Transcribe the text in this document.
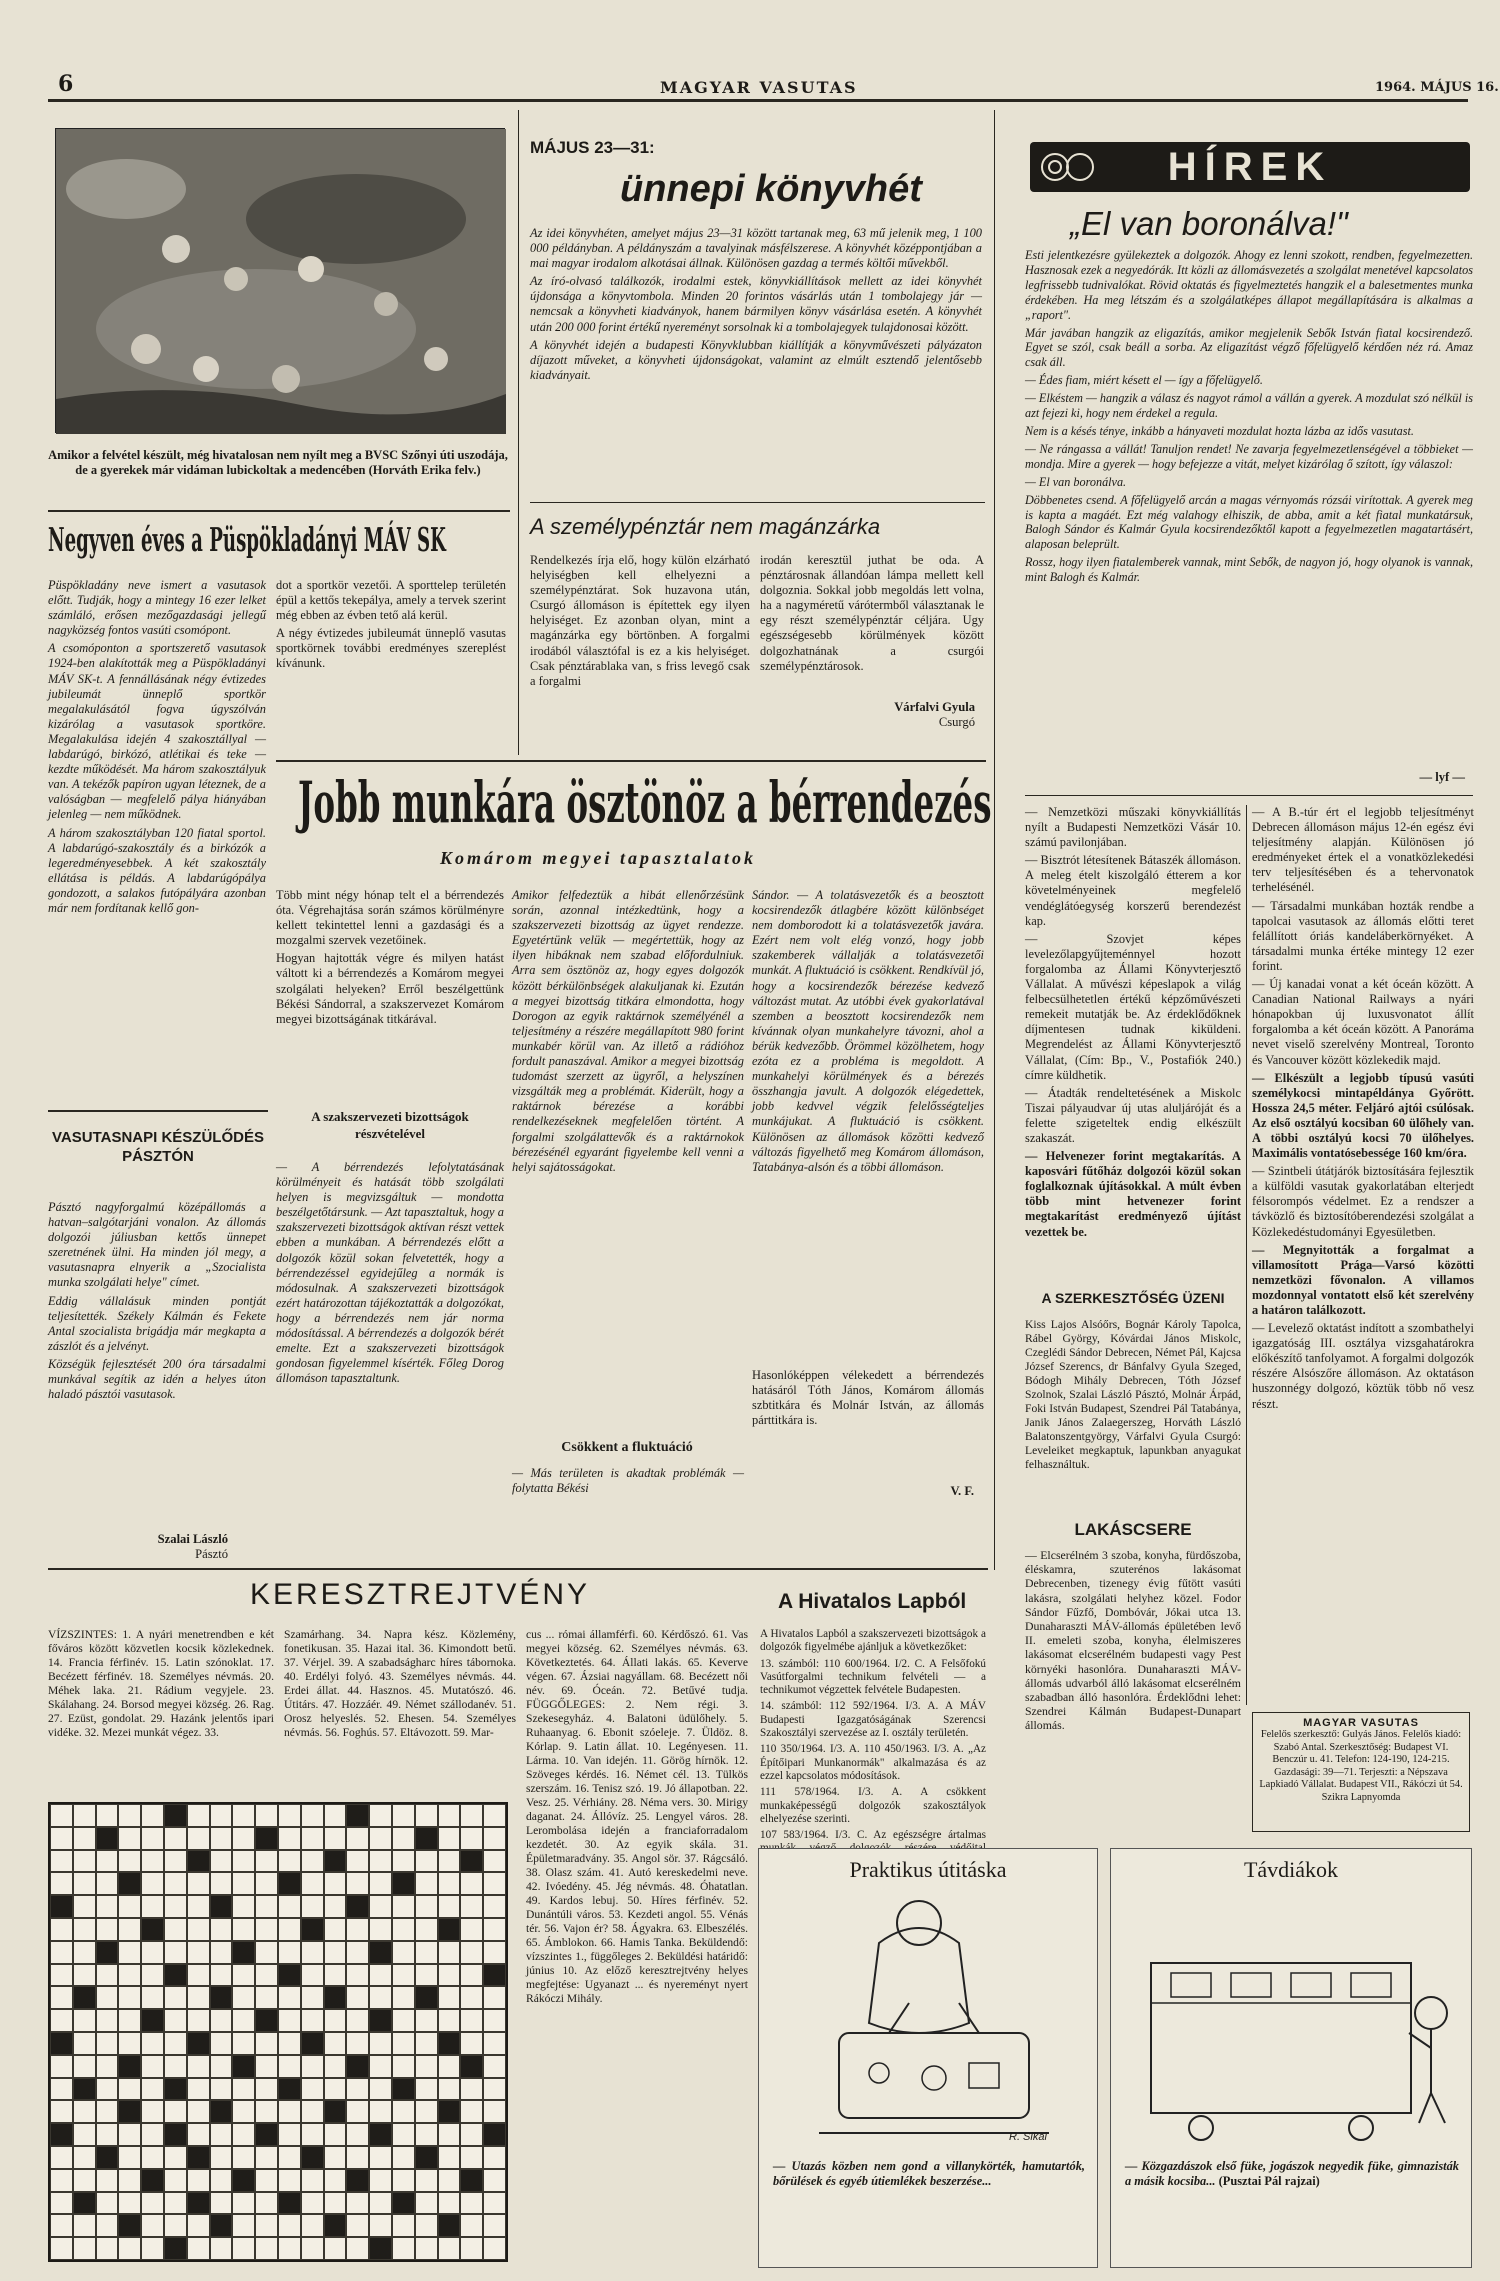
6	MAGYAR VASUTAS	1964. MÁJUS 16.
Amikor a felvétel készült, még hivatalosan nem nyílt meg a BVSC Szőnyi úti uszodája, de a gyerekek már vidáman lubickoltak a medencében (Horváth Erika felv.)
Negyven éves a Püspökladányi MÁV SK

Püspökladány neve ismert a vasutasok előtt. Tudják, hogy a mintegy 16 ezer lelket számláló, erősen mezőgazdasági jellegű nagyközség fontos vasúti csomópont.

A csomóponton a sportszerető vasutasok 1924-ben alakították meg a Püspökladányi MÁV SK-t. A fennállásának négy évtizedes jubileumát ünneplő sportkör megalakulásától fogva úgyszólván kizárólag a vasutasok sportköre. Megalakulása idején 4 szakosztállyal — labdarúgó, birkózó, atlétikai és teke — kezdte működését. Ma három szakosztályuk van. A tekézők papíron ugyan léteznek, de a valóságban — megfelelő pálya hiányában jelenleg — nem működnek.

A három szakosztályban 120 fiatal sportol. A labdarúgó-szakosztály és a birkózók a legeredményesebbek. A két szakosztály ellátása is példás. A labdarúgópálya gondozott, a salakos futópályára azonban már nem fordítanak kellő gon-

dot a sportkör vezetői. A sporttelep területén épül a kettős tekepálya, amely a tervek szerint még ebben az évben tető alá kerül.

A négy évtizedes jubileumát ünneplő vasutas sportkörnek további eredményes szereplést kívánunk.

VASUTASNAPI KÉSZÜLŐDÉS PÁSZTÓN

Pásztó nagyforgalmú középállomás a hatvan–salgótarjáni vonalon. Az állomás dolgozói júliusban kettős ünnepet szeretnének ülni. Ha minden jól megy, a vasutasnapra elnyerik a „Szocialista munka szolgálati helye" címet.

Eddig vállalásuk minden pontját teljesítették. Székely Kálmán és Fekete Antal szocialista brigádja már megkapta a zászlót és a jelvényt.

Községük fejlesztését 200 óra társadalmi munkával segítik az idén a helyes úton haladó pásztói vasutasok.

Szalai László
Pásztó
MÁJUS 23—31:
ünnepi könyvhét

Az idei könyvhéten, amelyet május 23—31 között tartanak meg, 63 mű jelenik meg, 1 100 000 példányban. A példányszám a tavalyinak másfélszerese. A könyvhét középpontjában a mai magyar irodalom alkotásai állnak. Különösen gazdag a termés költői művekből.

Az író-olvasó találkozók, irodalmi estek, könyvkiállítások mellett az idei könyvhét újdonsága a könyvtombola. Minden 20 forintos vásárlás után 1 tombolajegy jár — nemcsak a könyvheti kiadványok, hanem bármilyen könyv vásárlása esetén. A könyvhét után 200 000 forint értékű nyereményt sorsolnak ki a tombolajegyek tulajdonosai között.

A könyvhét idején a budapesti Könyvklubban kiállítják a könyvművészeti pályázaton díjazott műveket, a könyvheti újdonságokat, valamint az elmúlt esztendő jelentősebb kiadványait.

A személypénztár nem magánzárka
Rendelkezés írja elő, hogy külön elzárható helyiségben kell elhelyezni a személypénztárat. Sok huzavona után, Csurgó állomáson is építettek egy ilyen helyiséget. Ez azonban olyan, mint a magánzárka egy börtönben. A forgalmi irodából választófal is ez a kis helyiséget. Csak pénztárablaka van, s friss levegő csak a forgalmi
irodán keresztül juthat be oda. A pénztárosnak állandóan lámpa mellett kell dolgoznia. Sokkal jobb megoldás lett volna, ha a nagyméretű várótermből választanak le egy részt személypénztár céljára. Ugy egészségesebb körülmények között dolgozhatnának a csurgói személypénztárosok.
Várfalvi Gyula
Csurgó
Jobb munkára ösztönöz a bérrendezés
Komárom megyei tapasztalatok

Több mint négy hónap telt el a bérrendezés óta. Végrehajtása során számos körülményre kellett tekintettel lenni a gazdasági és a mozgalmi szervek vezetőinek.

Hogyan hajtották végre és milyen hatást váltott ki a bérrendezés a Komárom megyei szolgálati helyeken? Erről beszélgettünk Békési Sándorral, a szakszervezet Komárom megyei bizottságának titkárával.

A szakszervezeti bizottságok részvételével
— A bérrendezés lefolytatásának körülményeit és hatását több szolgálati helyen is megvizsgáltuk — mondotta beszélgetőtársunk. — Azt tapasztaltuk, hogy a szakszervezeti bizottságok aktívan részt vettek ebben a munkában. A bérrendezés előtt a dolgozók közül sokan felvetették, hogy a bérrendezéssel egyidejűleg a normák is módosulnak. A szakszervezeti bizottságok ezért határozottan tájékoztatták a dolgozókat, hogy a bérrendezés nem jár norma módosítással. A bérrendezés a dolgozók bérét emelte. Ezt a szakszervezeti bizottságok gondosan figyelemmel kísérték. Főleg Dorog állomáson tapasztaltunk.
Amikor felfedeztük a hibát ellenőrzésünk során, azonnal intézkedtünk, hogy a szakszervezeti bizottság az ügyet rendezze. Egyetértünk velük — megértettük, hogy az ilyen hibáknak nem szabad előfordulniuk. Arra sem ösztönöz az, hogy egyes dolgozók között bérkülönbségek alakuljanak ki. Ezután a megyei bizottság titkára elmondotta, hogy Dorogon az egyik raktárnok személyénél a teljesítmény a részére megállapított 980 forint munkabér körül van. Az illető a rádióhoz fordult panaszával. Amikor a megyei bizottság tudomást szerzett az ügyről, a helyszínen vizsgálták meg a problémát. Kiderült, hogy a raktárnok bérezése a korábbi rendelkezéseknek megfelelően történt. A forgalmi szolgálattevők és a raktárnokok bérezésénél egyaránt figyelembe kell venni a helyi sajátosságokat.
Csökkent a fluktuáció
— Más területen is akadtak problémák — folytatta Békési
Sándor. — A tolatásvezetők és a beosztott kocsirendezők átlagbére között különbséget nem domborodott ki a tolatásvezetők javára. Ezért nem volt elég vonzó, hogy jobb szakemberek vállalják a tolatásvezetői munkát. A fluktuáció is csökkent. Rendkívül jó, hogy a kocsirendezők bérezése kedvező változást mutat. Az utóbbi évek gyakorlatával szemben a beosztott kocsirendezők nem kívánnak olyan munkahelyre távozni, ahol a bérük kedvezőbb. Örömmel közölhetem, hogy ezóta ez a probléma is megoldott. A munkahelyi körülmények és a bérezés összhangja javult. A dolgozók elégedettek, jobb kedvvel végzik felelősségteljes munkájukat. A fluktuáció is csökkent. Különösen az állomások közötti kedvező változás figyelhető meg Komárom állomáson, Tatabánya-alsón és a többi állomáson.
Hasonlóképpen vélekedett a bérrendezés hatásáról Tóth János, Komárom állomás szbtitkára és Molnár István, az állomás párttitkára is.
V. F.
KERESZTREJTVÉNY
VÍZSZINTES: 1. A nyári menetrendben e két főváros között közvetlen kocsik közlekednek. 14. Francia férfinév. 15. Latin szónoklat. 17. Becézett férfinév. 18. Személyes névmás. 20. Méhek laka. 21. Rádium vegyjele. 23. Skálahang. 24. Borsod megyei község. 26. Rag. 27. Ezüst, gondolat. 29. Hazánk jelentős ipari vidéke. 32. Mezei munkát végez. 33.
Szamárhang. 34. Napra kész. Közlemény, fonetikusan. 35. Hazai ital. 36. Kimondott betű. 37. Vérjel. 39. A szabadságharc híres tábornoka. 40. Erdélyi folyó. 43. Személyes névmás. 44. Erdei állat. 44. Hasznos. 45. Mutatószó. 46. Útitárs. 47. Hozzáér. 49. Német szállodanév. 51. Orosz helyeslés. 52. Ehesen. 54. Személyes névmás. 56. Foghús. 57. Eltávozott. 59. Mar-
cus ... római államférfi. 60. Kérdőszó. 61. Vas megyei község. 62. Személyes névmás. 63. Következtetés. 64. Állati lakás. 65. Keverve végen. 67. Ázsiai nagyállam. 68. Becézett női név. 69. Óceán. 72. Betűvé tudja. FÜGGŐLEGES: 2. Nem régi. 3. Szekesegyház. 4. Balatoni üdülőhely. 5. Ruhaanyag. 6. Ebonit szóeleje. 7. Üldöz. 8. Kórlap. 9. Latin állat. 10. Legényesen. 11. Lárma. 10. Van idején. 11. Görög hírnök. 12. Szöveges kérdés. 16. Német cél. 13. Tülkös szerszám. 16. Tenisz szó. 19. Jó állapotban. 22. Vesz. 25. Vérhiány. 28. Néma vers. 30. Mirigy daganat. 24. Állóvíz. 25. Lengyel város. 28. Lerombolása idején a franciaforradalom kezdetét. 30. Az egyik skála. 31. Épületmaradvány. 35. Angol sör. 37. Rágcsáló. 38. Olasz szám. 41. Autó kereskedelmi neve. 42. Ivóedény. 45. Jég névmás. 48. Óhatatlan. 49. Kardos lebuj. 50. Híres férfinév. 52. Dunántúli város. 53. Kezdeti angol. 55. Vénás tér. 56. Vajon ér? 58. Ágyakra. 63. Elbeszélés. 65. Ámblokon. 66. Hamis Tanka. Beküldendő: vízszintes 1., függőleges 2. Beküldési határidő: június 10. Az előző keresztrejtvény helyes megfejtése: Ugyanazt ... és nyereményt nyert Rákóczi Mihály.
HÍREK
„El van boronálva!"

Esti jelentkezésre gyülekeztek a dolgozók. Ahogy ez lenni szokott, rendben, fegyelmezetten. Hasznosak ezek a negyedórák. Itt közli az állomásvezetés a szolgálat menetével kapcsolatos legfrissebb tudnivalókat. Rövid oktatás és figyelmeztetés hangzik el a balesetmentes munka érdekében. Ha meg létszám és a szolgálatképes állapot megállapítására is alkalmas a „raport".

Már javában hangzik az eligazítás, amikor megjelenik Sebők István fiatal kocsirendező. Egyet se szól, csak beáll a sorba. Az eligazítást végző főfelügyelő kérdően néz rá. Amaz csak áll.

— Édes fiam, miért késett el — így a főfelügyelő.

— Elkéstem — hangzik a válasz és nagyot rámol a vállán a gyerek. A mozdulat szó nélkül is azt fejezi ki, hogy nem érdekel a regula.

Nem is a késés ténye, inkább a hányaveti mozdulat hozta lázba az idős vasutast.

— Ne rángassa a vállát! Tanuljon rendet! Ne zavarja fegyelmezetlenségével a többieket — mondja. Mire a gyerek — hogy befejezze a vitát, melyet kizárólag ő szított, így válaszol:

— El van boronálva.

Döbbenetes csend. A főfelügyelő arcán a magas vérnyomás rózsái virítottak. A gyerek meg is kapta a magáét. Ezt még valahogy elhiszik, de abba, amit a két fiatal munkatársuk, Balogh Sándor és Kalmár Gyula kocsirendezőktől kapott a fegyelmezetlen magatartásért, alaposan beleprült.

Rossz, hogy ilyen fiatalemberek vannak, mint Sebők, de nagyon jó, hogy olyanok is vannak, mint Balogh és Kalmár.

— lyf —

— Nemzetközi műszaki könyvkiállítás nyílt a Budapesti Nemzetközi Vásár 10. számú pavilonjában.

— Bisztrót létesítenek Bátaszék állomáson. A meleg ételt kiszolgáló étterem a kor követelményeinek megfelelő vendéglátóegység korszerű berendezést kap.

— Szovjet képes levelezőlapgyűjteménnyel hozott forgalomba az Állami Könyvterjesztő Vállalat. A művészi képeslapok a világ felbecsülhetetlen értékű képzőművészeti remekeit mutatják be. Az érdeklődőknek díjmentesen tudnak kiküldeni. Megrendelést az Állami Könyvterjesztő Vállalat, (Cím: Bp., V., Postafiók 240.) címre küldhetik.

— Átadták rendeltetésének a Miskolc Tiszai pályaudvar új utas aluljáróját és a felette szigeteltek endig elkészült szakaszát.

— Helvenezer forint megtakarítás. A kaposvári fűtőház dolgozói közül sokan foglalkoznak újításokkal. A múlt évben több mint hetvenezer forint megtakarítást eredményező újítást vezettek be.

— A B.-túr ért el legjobb teljesítményt Debrecen állomáson május 12-én egész évi teljesítmény alapján. Különösen jó eredményeket értek el a vonatközlekedési terv teljesítésében és a tehervonatok terhelésénél.

— Társadalmi munkában hozták rendbe a tapolcai vasutasok az állomás előtti teret felállított óriás kandeláberkörnyéket. A társadalmi munka értéke mintegy 12 ezer forint.

— Új kanadai vonat a két óceán között. A Canadian National Railways a nyári hónapokban új luxusvonatot állít forgalomba a két óceán között. A Panoráma nevet viselő szerelvény Montreal, Toronto és Vancouver között közlekedik majd.

— Elkészült a legjobb típusú vasúti személykocsi mintapéldánya Győrött. Hossza 24,5 méter. Feljáró ajtói csúlósak. Az első osztályú kocsiban 60 ülőhely van. A többi osztályú kocsi 70 ülőhelyes. Maximális vontatósebessége 160 km/óra.

— Szintbeli útátjárók biztosítására fejlesztik a külföldi vasutak gyakorlatában elterjedt félsorompós védelmet. Ez a rendszer a távközlő és biztosítóberendezési szolgálat a Közlekedéstudományi Egyesületben.

— Megnyitották a forgalmat a villamosított Prága—Varsó közötti nemzetközi fővonalon. A villamos mozdonnyal vontatott első két szerelvény a határon találkozott.

— Levelező oktatást indított a szombathelyi igazgatóság III. osztálya vizsgahatárokra előkészítő tanfolyamot. A forgalmi dolgozók részére Alsószőre állomáson. Az oktatáson huszonnégy dolgozó, köztük több nő vesz részt.

A SZERKESZTŐSÉG ÜZENI
Kiss Lajos Alsóőrs, Bognár Károly Tapolca, Rábel György, Kóvárdai János Miskolc, Czeglédi Sándor Debrecen, Német Pál, Kajcsa József Szerencs, dr Bánfalvy Gyula Szeged, Bódogh Mihály Debrecen, Tóth József Szolnok, Szalai László Pásztó, Molnár Árpád, Foki István Budapest, Szendrei Pál Tatabánya, Janik János Zalaegerszeg, Horváth László Balatonszentgyörgy, Várfalvi Gyula Csurgó: Leveleiket megkaptuk, lapunkban anyagukat felhasználtuk.
A Hivatalos Lapból

A Hivatalos Lapból a szakszervezeti bizottságok a dolgozók figyelmébe ajánljuk a következőket:

13. számból: 110 600/1964. I/2. C. A Felsőfokú Vasútforgalmi technikum felvételi — a technikumot végzettek felvétele Budapesten.

14. számból: 112 592/1964. I/3. A. A MÁV Budapesti Igazgatóságának Szerencsi Szakosztályi szervezése az I. osztály területén.

110 350/1964. I/3. A. 110 450/1963. I/3. A. „Az Építőipari Munkanormák" alkalmazása és az ezzel kapcsolatos módosítások.

111 578/1964. I/3. A. A csökkent munkaképességű dolgozók szakosztályok elhelyezése szerinti.

107 583/1964. I/3. C. Az egészségre ártalmas

LAKÁSCSERE
— Elcserélném 3 szoba, konyha, fürdőszoba, éléskamra, szuterénos lakásomat Debrecenben, tizenegy évig fűtött vasúti lakásra, szolgálati helyhez közel. Fodor Sándor Fűzfő, Dombóvár, Jókai utca 13. Dunaharaszti MÁV-állomás épületében levő II. emeleti szoba, konyha, élelmiszeres lakásomat elcserélném budapesti vagy Pest környéki hasonlóra. Dunaharaszti MÁV-állomás udvarból álló lakásomat elcserélném szabadban álló hasonlóra. Érdeklődni lehet: Szendrei Kálmán Budapest-Dunapart állomás.	MAGYAR VASUTAS
Felelős szerkesztő: Gulyás János. Felelős kiadó: Szabó Antal. Szerkesztőség: Budapest VI. Benczúr u. 41. Telefon: 124-190, 124-215. Gazdasági: 39—71. Terjeszti: a Népszava Lapkiadó Vállalat. Budapest VII., Rákóczi út 54. Szikra Lapnyomda
Praktikus útitáska
R. Sikai
— Utazás közben nem gond a villanykörték, hamutartók, bőrülések és egyéb útiemlékek beszerzése...
Távdiákok
— Közgazdászok első füke, jogászok negyedik füke, gimnazisták a másik kocsiba... (Pusztai Pál rajzai)
